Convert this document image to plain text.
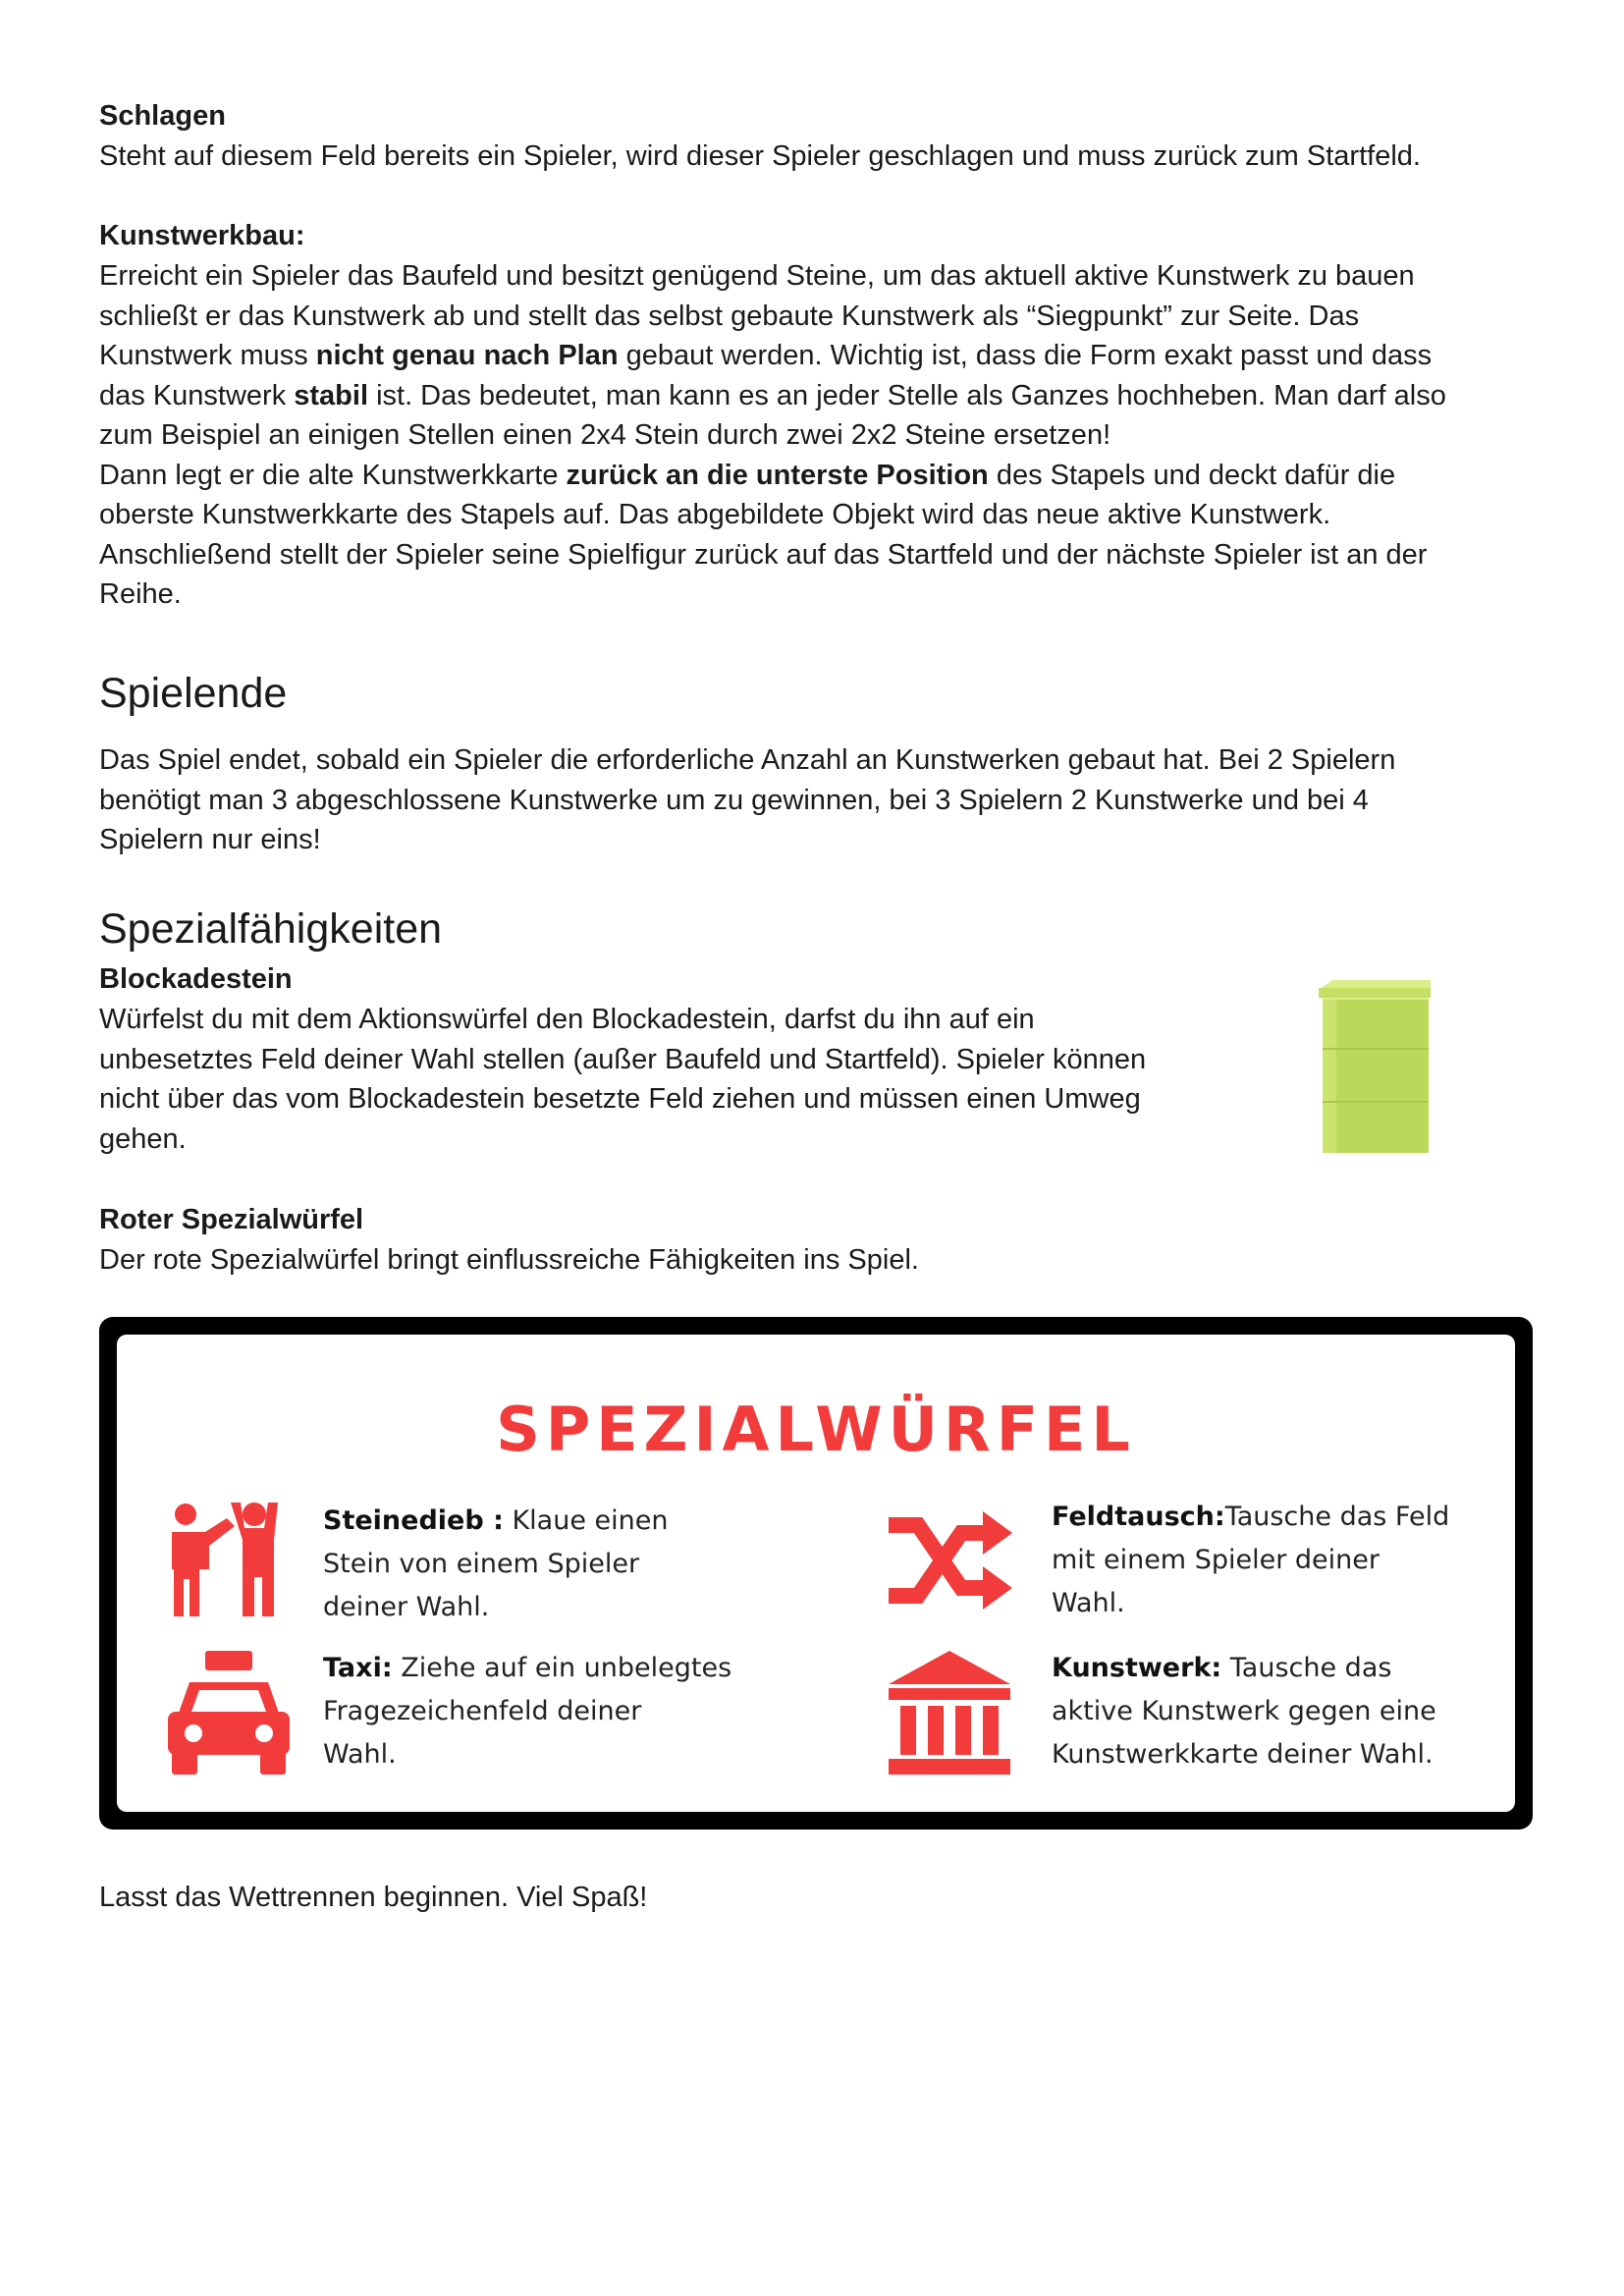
Schlagen
Steht auf diesem Feld bereits ein Spieler, wird dieser Spieler geschlagen und muss zurück zum Startfeld.
Kunstwerkbau:
Erreicht ein Spieler das Baufeld und besitzt genügend Steine, um das aktuell aktive Kunstwerk zu bauen
schließt er das Kunstwerk ab und stellt das selbst gebaute Kunstwerk als “Siegpunkt” zur Seite. Das
Kunstwerk muss nicht genau nach Plan gebaut werden. Wichtig ist, dass die Form exakt passt und dass
das Kunstwerk stabil ist. Das bedeutet, man kann es an jeder Stelle als Ganzes hochheben. Man darf also
zum Beispiel an einigen Stellen einen 2x4 Stein durch zwei 2x2 Steine ersetzen!
Dann legt er die alte Kunstwerkkarte zurück an die unterste Position des Stapels und deckt dafür die
oberste Kunstwerkkarte des Stapels auf. Das abgebildete Objekt wird das neue aktive Kunstwerk.
Anschließend stellt der Spieler seine Spielfigur zurück auf das Startfeld und der nächste Spieler ist an der
Reihe.
Spielende
Das Spiel endet, sobald ein Spieler die erforderliche Anzahl an Kunstwerken gebaut hat. Bei 2 Spielern
benötigt man 3 abgeschlossene Kunstwerke um zu gewinnen, bei 3 Spielern 2 Kunstwerke und bei 4
Spielern nur eins!
Spezialfähigkeiten
Blockadestein
Würfelst du mit dem Aktionswürfel den Blockadestein, darfst du ihn auf ein
unbesetztes Feld deiner Wahl stellen (außer Baufeld und Startfeld). Spieler können
nicht über das vom Blockadestein besetzte Feld ziehen und müssen einen Umweg
gehen.
Roter Spezialwürfel
Der rote Spezialwürfel bringt einflussreiche Fähigkeiten ins Spiel.
SPEZIALWÜRFEL
Steinedieb : Klaue einen
Stein von einem Spieler
deiner Wahl.
Feldtausch:Tausche das Feld
mit einem Spieler deiner
Wahl.
Taxi: Ziehe auf ein unbelegtes
Fragezeichenfeld deiner
Wahl.
Kunstwerk: Tausche das
aktive Kunstwerk gegen eine
Kunstwerkkarte deiner Wahl.
Lasst das Wettrennen beginnen. Viel Spaß!
